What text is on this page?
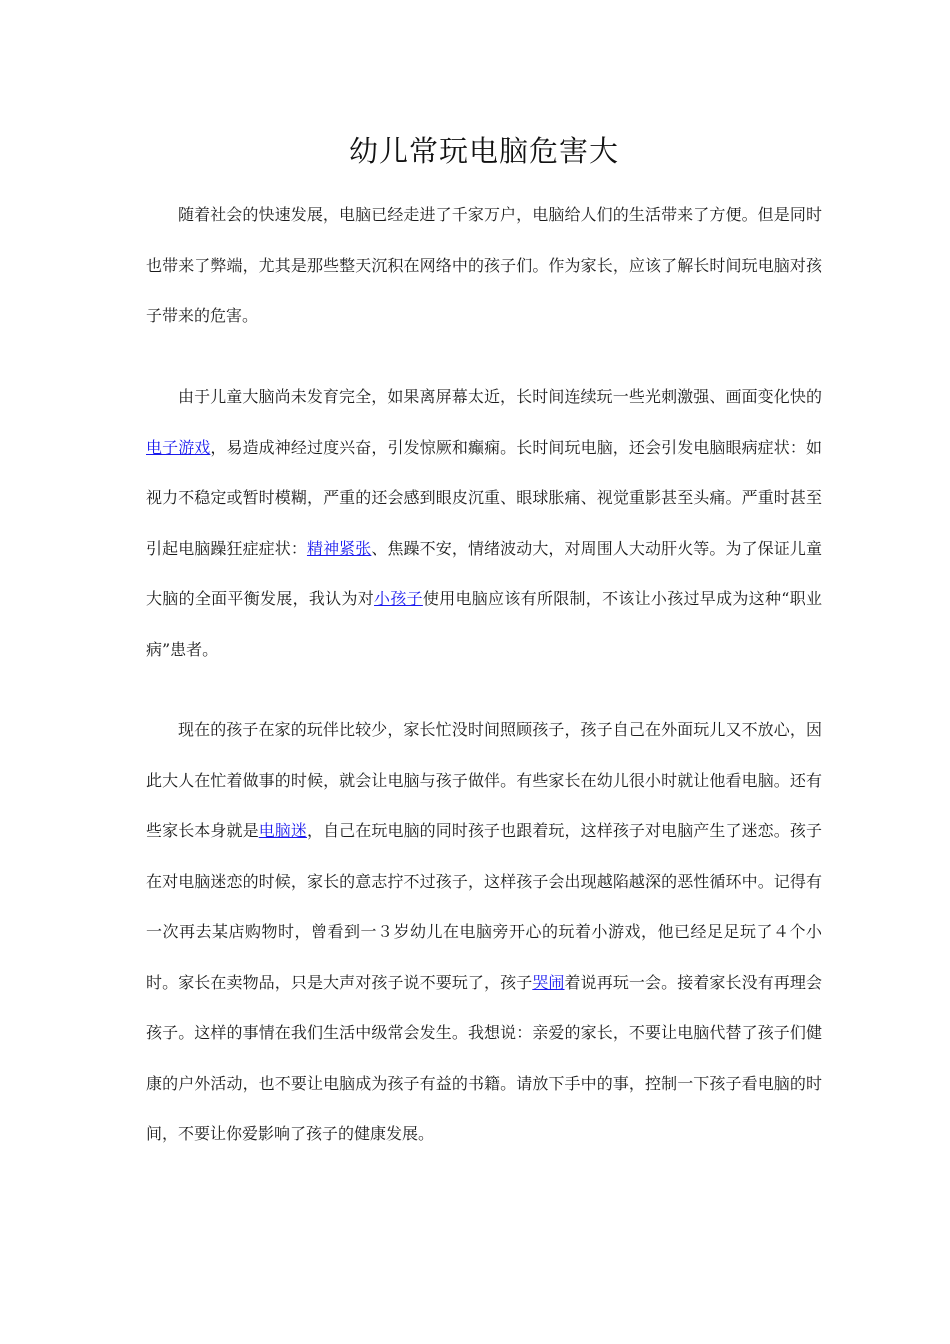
幼儿常玩电脑危害大

随着社会的快速发展，电脑已经走进了千家万户，电脑给人们的生活带来了方便。但是同时也带来了弊端，尤其是那些整天沉积在网络中的孩子们。作为家长，应该了解长时间玩电脑对孩子带来的危害。

由于儿童大脑尚未发育完全，如果离屏幕太近，长时间连续玩一些光刺激强、画面变化快的电子游戏，易造成神经过度兴奋，引发惊厥和癫痫。长时间玩电脑，还会引发电脑眼病症状：如视力不稳定或暂时模糊，严重的还会感到眼皮沉重、眼球胀痛、视觉重影甚至头痛。严重时甚至引起电脑躁狂症症状：精神紧张、焦躁不安，情绪波动大，对周围人大动肝火等。为了保证儿童大脑的全面平衡发展，我认为对小孩子使用电脑应该有所限制，不该让小孩过早成为这种“职业病”患者。

现在的孩子在家的玩伴比较少，家长忙没时间照顾孩子，孩子自己在外面玩儿又不放心，因此大人在忙着做事的时候，就会让电脑与孩子做伴。有些家长在幼儿很小时就让他看电脑。还有些家长本身就是电脑迷，自己在玩电脑的同时孩子也跟着玩，这样孩子对电脑产生了迷恋。孩子在对电脑迷恋的时候，家长的意志拧不过孩子，这样孩子会出现越陷越深的恶性循环中。记得有一次再去某店购物时，曾看到一３岁幼儿在电脑旁开心的玩着小游戏，他已经足足玩了４个小时。家长在卖物品，只是大声对孩子说不要玩了，孩子哭闹着说再玩一会。接着家长没有再理会孩子。这样的事情在我们生活中级常会发生。我想说：亲爱的家长，不要让电脑代替了孩子们健康的户外活动，也不要让电脑成为孩子有益的书籍。请放下手中的事，控制一下孩子看电脑的时间，不要让你爱影响了孩子的健康发展。
